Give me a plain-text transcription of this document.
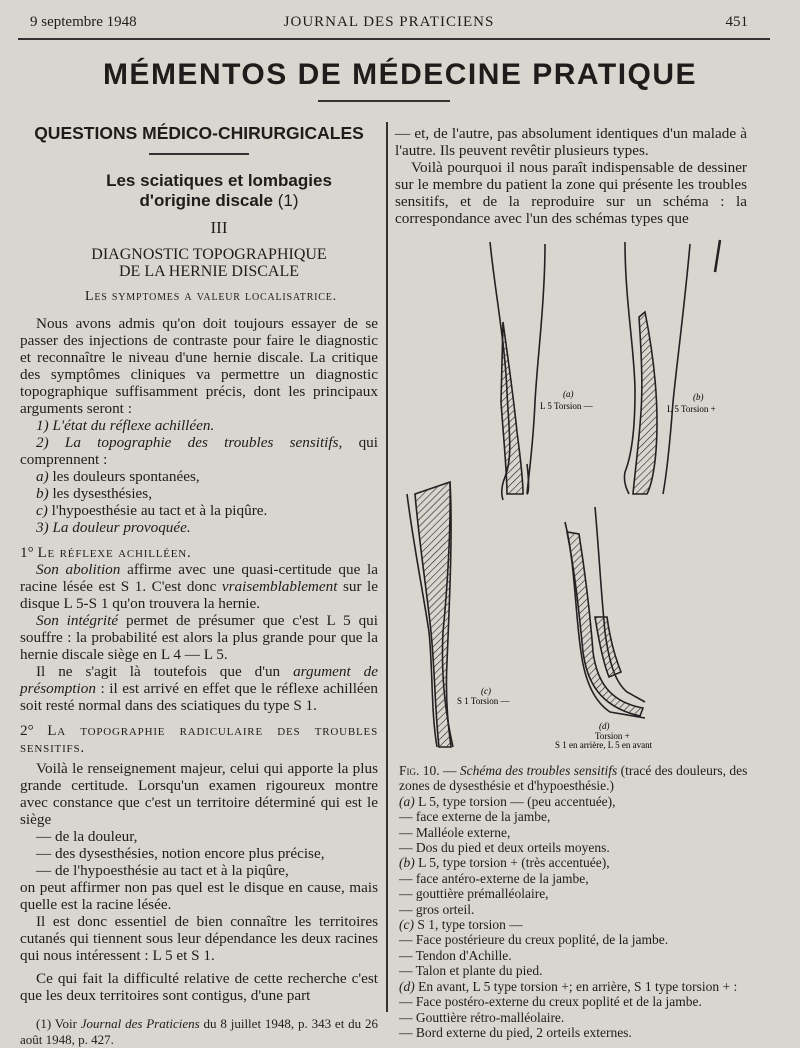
9 septembre 1948	JOURNAL DES PRATICIENS	451
MÉMENTOS DE MÉDECINE PRATIQUE
QUESTIONS MÉDICO-CHIRURGICALES
Les sciatiques et lombagies
d'origine discale (1)
III
DIAGNOSTIC TOPOGRAPHIQUE
DE LA HERNIE DISCALE
Les symptomes a valeur localisatrice.

Nous avons admis qu'on doit toujours essayer de se passer des injections de contraste pour faire le diagnostic et reconnaître le niveau d'une hernie discale. La critique des symptômes cliniques va permettre un diagnostic topographique suffisamment précis, dont les principaux arguments seront :

1) L'état du réflexe achilléen.

2) La topographie des troubles sensitifs, qui comprennent :

a) les douleurs spontanées,

b) les dysesthésies,

c) l'hypoesthésie au tact et à la piqûre.

3) La douleur provoquée.

1° Le réflexe achilléen.

Son abolition affirme avec une quasi-certitude que la racine lésée est S 1. C'est donc vraisemblablement sur le disque L 5-S 1 qu'on trouvera la hernie.

Son intégrité permet de présumer que c'est L 5 qui souffre : la probabilité est alors la plus grande pour que la hernie discale siège en L 4 — L 5.

Il ne s'agit là toutefois que d'un argument de présomption : il est arrivé en effet que le réflexe achilléen soit resté normal dans des sciatiques du type S 1.

2° La topographie radiculaire des troubles sensitifs.

Voilà le renseignement majeur, celui qui apporte la plus grande certitude. Lorsqu'un examen rigoureux montre avec constance que c'est un territoire déterminé qui est le siège

— de la douleur,

— des dysesthésies, notion encore plus précise,

— de l'hypoesthésie au tact et à la piqûre,

on peut affirmer non pas quel est le disque en cause, mais quelle est la racine lésée.

Il est donc essentiel de bien connaître les territoires cutanés qui tiennent sous leur dépendance les deux racines qui nous intéressent : L 5 et S 1.

Ce qui fait la difficulté relative de cette recherche c'est que les deux territoires sont contigus, d'une part

(1) Voir Journal des Praticiens du 8 juillet 1948, p. 343 et du 26 août 1948, p. 427.

— et, de l'autre, pas absolument identiques d'un malade à l'autre. Ils peuvent revêtir plusieurs types.

Voilà pourquoi il nous paraît indispensable de dessiner sur le membre du patient la zone qui présente les troubles sensitifs, et de la reproduire sur un schéma : la correspondance avec l'un des schémas types que

(a)
L 5 Torsion —
(b)
L 5 Torsion +
(c)
S 1 Torsion —
(d)
Torsion +
S 1 en arrière, L 5 en avant
Fig. 10. — Schéma des troubles sensitifs (tracé des douleurs, des zones de dysesthésie et d'hypoesthésie.)
(a) L 5, type torsion — (peu accentuée),
— face externe de la jambe,
— Malléole externe,
— Dos du pied et deux orteils moyens.
(b) L 5, type torsion + (très accentuée),
— face antéro-externe de la jambe,
— gouttière prémalléolaire,
— gros orteil.
(c) S 1, type torsion —
— Face postérieure du creux poplité, de la jambe.
— Tendon d'Achille.
— Talon et plante du pied.
(d) En avant, L 5 type torsion +; en arrière, S 1 type torsion + :
— Face postéro-externe du creux poplité et de la jambe.
— Gouttière rétro-malléolaire.
— Bord externe du pied, 2 orteils externes.
